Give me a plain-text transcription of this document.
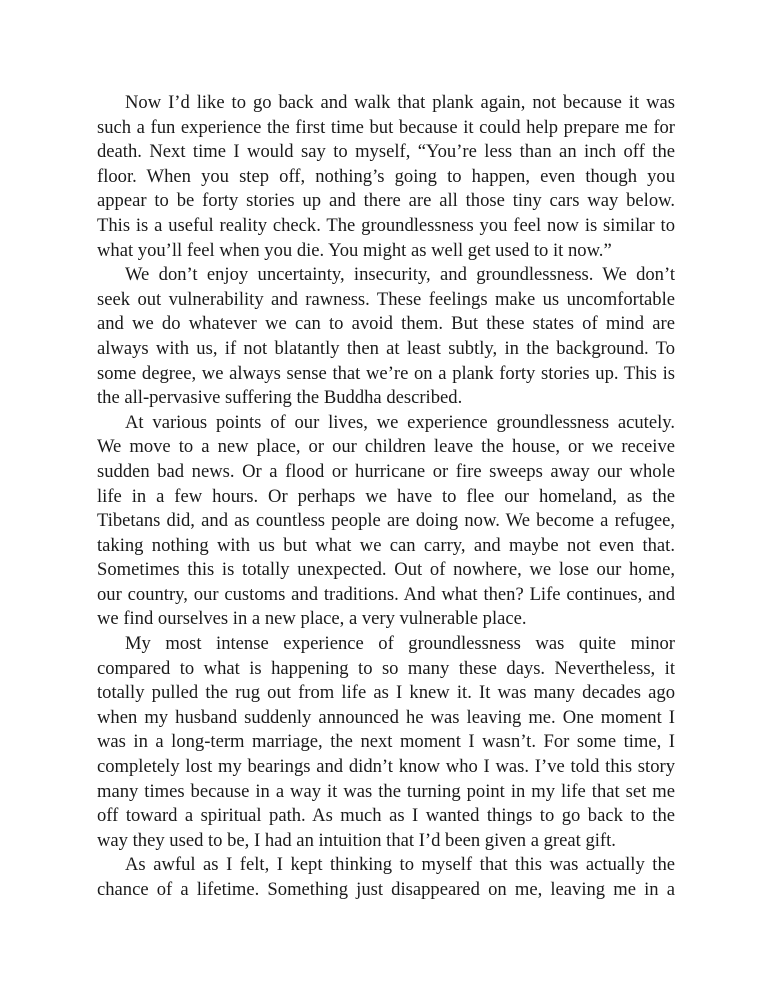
Now I’d like to go back and walk that plank again, not because it was
such a fun experience the first time but because it could help prepare me for
death. Next time I would say to myself, “You’re less than an inch off the
floor. When you step off, nothing’s going to happen, even though you
appear to be forty stories up and there are all those tiny cars way below.
This is a useful reality check. The groundlessness you feel now is similar to
what you’ll feel when you die. You might as well get used to it now.”
We don’t enjoy uncertainty, insecurity, and groundlessness. We don’t
seek out vulnerability and rawness. These feelings make us uncomfortable
and we do whatever we can to avoid them. But these states of mind are
always with us, if not blatantly then at least subtly, in the background. To
some degree, we always sense that we’re on a plank forty stories up. This is
the all-pervasive suffering the Buddha described.
At various points of our lives, we experience groundlessness acutely.
We move to a new place, or our children leave the house, or we receive
sudden bad news. Or a flood or hurricane or fire sweeps away our whole
life in a few hours. Or perhaps we have to flee our homeland, as the
Tibetans did, and as countless people are doing now. We become a refugee,
taking nothing with us but what we can carry, and maybe not even that.
Sometimes this is totally unexpected. Out of nowhere, we lose our home,
our country, our customs and traditions. And what then? Life continues, and
we find ourselves in a new place, a very vulnerable place.
My most intense experience of groundlessness was quite minor
compared to what is happening to so many these days. Nevertheless, it
totally pulled the rug out from life as I knew it. It was many decades ago
when my husband suddenly announced he was leaving me. One moment I
was in a long-term marriage, the next moment I wasn’t. For some time, I
completely lost my bearings and didn’t know who I was. I’ve told this story
many times because in a way it was the turning point in my life that set me
off toward a spiritual path. As much as I wanted things to go back to the
way they used to be, I had an intuition that I’d been given a great gift.
As awful as I felt, I kept thinking to myself that this was actually the
chance of a lifetime. Something just disappeared on me, leaving me in a
